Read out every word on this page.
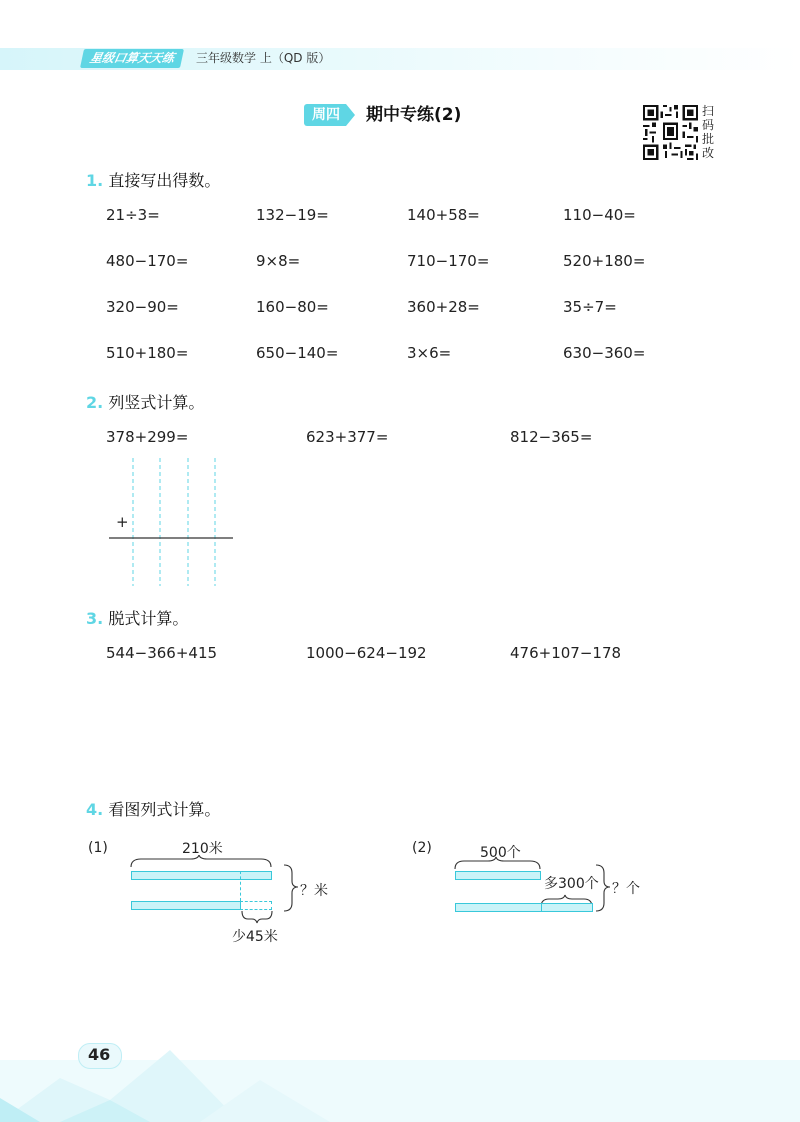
星级口算天天练	三年级数学 上（QD 版）
周四	期中专练(2)	扫
码
批
改
1. 直接写出得数。
21÷3=	132−19=	140+58=	110−40=
480−170=	9×8=	710−170=	520+180=
320−90=	160−80=	360+28=	35÷7=
510+180=	650−140=	3×6=	630−360=
2. 列竖式计算。
378+299=	623+377=	812−365=
+
3. 脱式计算。
544−366+415	1000−624−192	476+107−178
4. 看图列式计算。
(1)	210米
？米
少45米
(2)	500个
多300个 ？个
46
